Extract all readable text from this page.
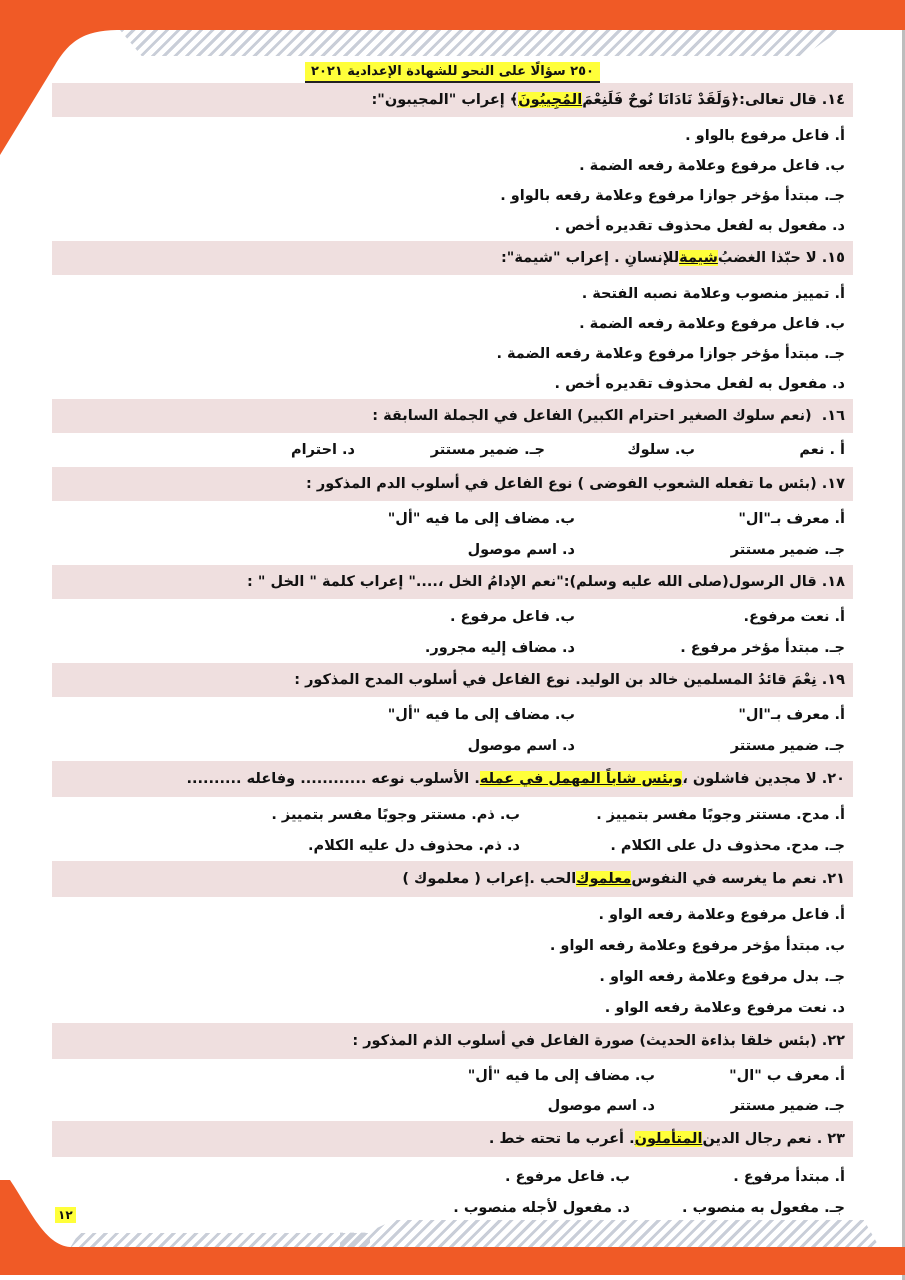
٢٥٠ سؤالًا على النحو للشهادة الإعدادية ٢٠٢١
١٤.

قال تعالى:﴿وَلَقَدْ نَادَانَا نُوحٌ فَلَنِعْمَ
المُجِيبُونَ
﴾ إعراب "المجيبون":
أ. فاعل مرفوع بالواو .
ب. فاعل مرفوع وعلامة رفعه الضمة .
جـ. مبتدأ مؤخر جوازا مرفوع وعلامة رفعه بالواو .
د. مفعول به لفعل محذوف تقديره أخص .
١٥.

لا حبّذا الغضبُ
شيمة
للإنسانِ . إعراب "شيمة":
أ. تمييز منصوب وعلامة نصبه الفتحة .
ب. فاعل مرفوع وعلامة رفعه الضمة .
جـ. مبتدأ مؤخر جوازا مرفوع وعلامة رفعه الضمة .
د. مفعول به لفعل محذوف تقديره أخص .
١٦.

(نعم سلوك الصغير احترام الكبير) الفاعل في الجملة السابقة :
أ . نعم
ب. سلوك
جـ. ضمير مستتر
د. احترام
١٧.

(بئس ما تفعله الشعوب الفوضى ) نوع الفاعل في أسلوب الدم المذكور :
أ. معرف بـ"ال"
ب. مضاف إلى ما فيه "أل"
جـ. ضمير مستتر
د. اسم موصول
١٨.

قال الرسول(صلى الله عليه وسلم):"نعم الإدامُ الخل ،...." إعراب كلمة " الخل " :
أ. نعت مرفوع.
ب. فاعل مرفوع .
جـ. مبتدأ مؤخر مرفوع .
د. مضاف إليه مجرور.
١٩.

نِعْمَ قائدُ المسلمين خالد بن الوليد. نوع الفاعل في أسلوب المدح المذكور :
أ. معرف بـ"ال"
ب. مضاف إلى ما فيه "أل"
جـ. ضمير مستتر
د. اسم موصول
٢٠.

لا مجدين فاشلون ،
وبئس شاباً المهمل في عمله
. الأسلوب نوعه ............ وفاعله ..........
أ. مدح. مستتر وجوبًا مفسر بتمييز .
ب. ذم. مستتر وجوبًا مفسر بتمييز .
جـ. مدح. محذوف دل على الكلام .
د. ذم. محذوف دل عليه الكلام.
٢١.

نعم ما يغرسه في النفوس
معلموك
الحب .إعراب ( معلموك )
أ. فاعل مرفوع وعلامة رفعه الواو .
ب. مبتدأ مؤخر مرفوع وعلامة رفعه الواو .
جـ. بدل مرفوع وعلامة رفعه الواو .
د. نعت مرفوع وعلامة رفعه الواو .
٢٢.

(بئس خلقا بذاءة الحديث) صورة الفاعل في أسلوب الذم المذكور :
أ. معرف ب "ال"
ب. مضاف إلى ما فيه "أل"
جـ. ضمير مستتر
د. اسم موصول
٢٣ .

نعم رجال الدين
المتأملون
. أعرب ما تحته خط .
أ. مبتدأ مرفوع .
ب. فاعل مرفوع .
جـ. مفعول به منصوب .
د. مفعول لأجله منصوب .
١٢
